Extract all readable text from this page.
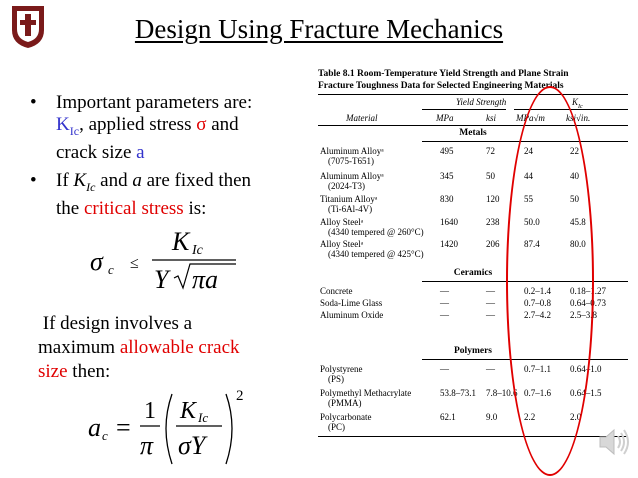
Design Using Fracture Mechanics
• Important parameters are:
$K_{Ic}$, applied stress σ and
crack size a
• If $K_{Ic}$ and a are fixed then
the critical stress is:
σ c ≤
K Ic
Y πa
If design involves a
maximum allowable crack
size then:
a c =
1
π
K Ic
σY
2
Table 8.1 Room-Temperature Yield Strength and Plane Strain
Fracture Toughness Data for Selected Engineering Materials
Yield Strength	$K_{Ic}$
Material	MPa	ksi MPa√m ksi√in.
Metals
Aluminum Alloyᵃ
(7075-T651)
495	72	24	22
Aluminum Alloyᵃ
(2024-T3)
345	50	44	40
Titanium Alloyᵃ
(Ti-6Al-4V)
830	120	55	50
Alloy Steelᵃ
(4340 tempered @ 260°C)
1640	238	50.0	45.8
Alloy Steelᵃ
(4340 tempered @ 425°C)
1420	206	87.4	80.0
Ceramics
Concrete	—	—	0.2–1.4 0.18–1.27
Soda-Lime Glass	—	—	0.7–0.8 0.64–0.73
Aluminum Oxide	—	—	2.7–4.2 2.5–3.8
Polymers
Polystyrene
(PS)
—	—	0.7–1.1 0.64–1.0
Polymethyl Methacrylate
(PMMA)
53.8–73.1 7.8–10.6 0.7–1.6 0.64–1.5
Polycarbonate
(PC)
62.1	9.0	2.2	2.0
